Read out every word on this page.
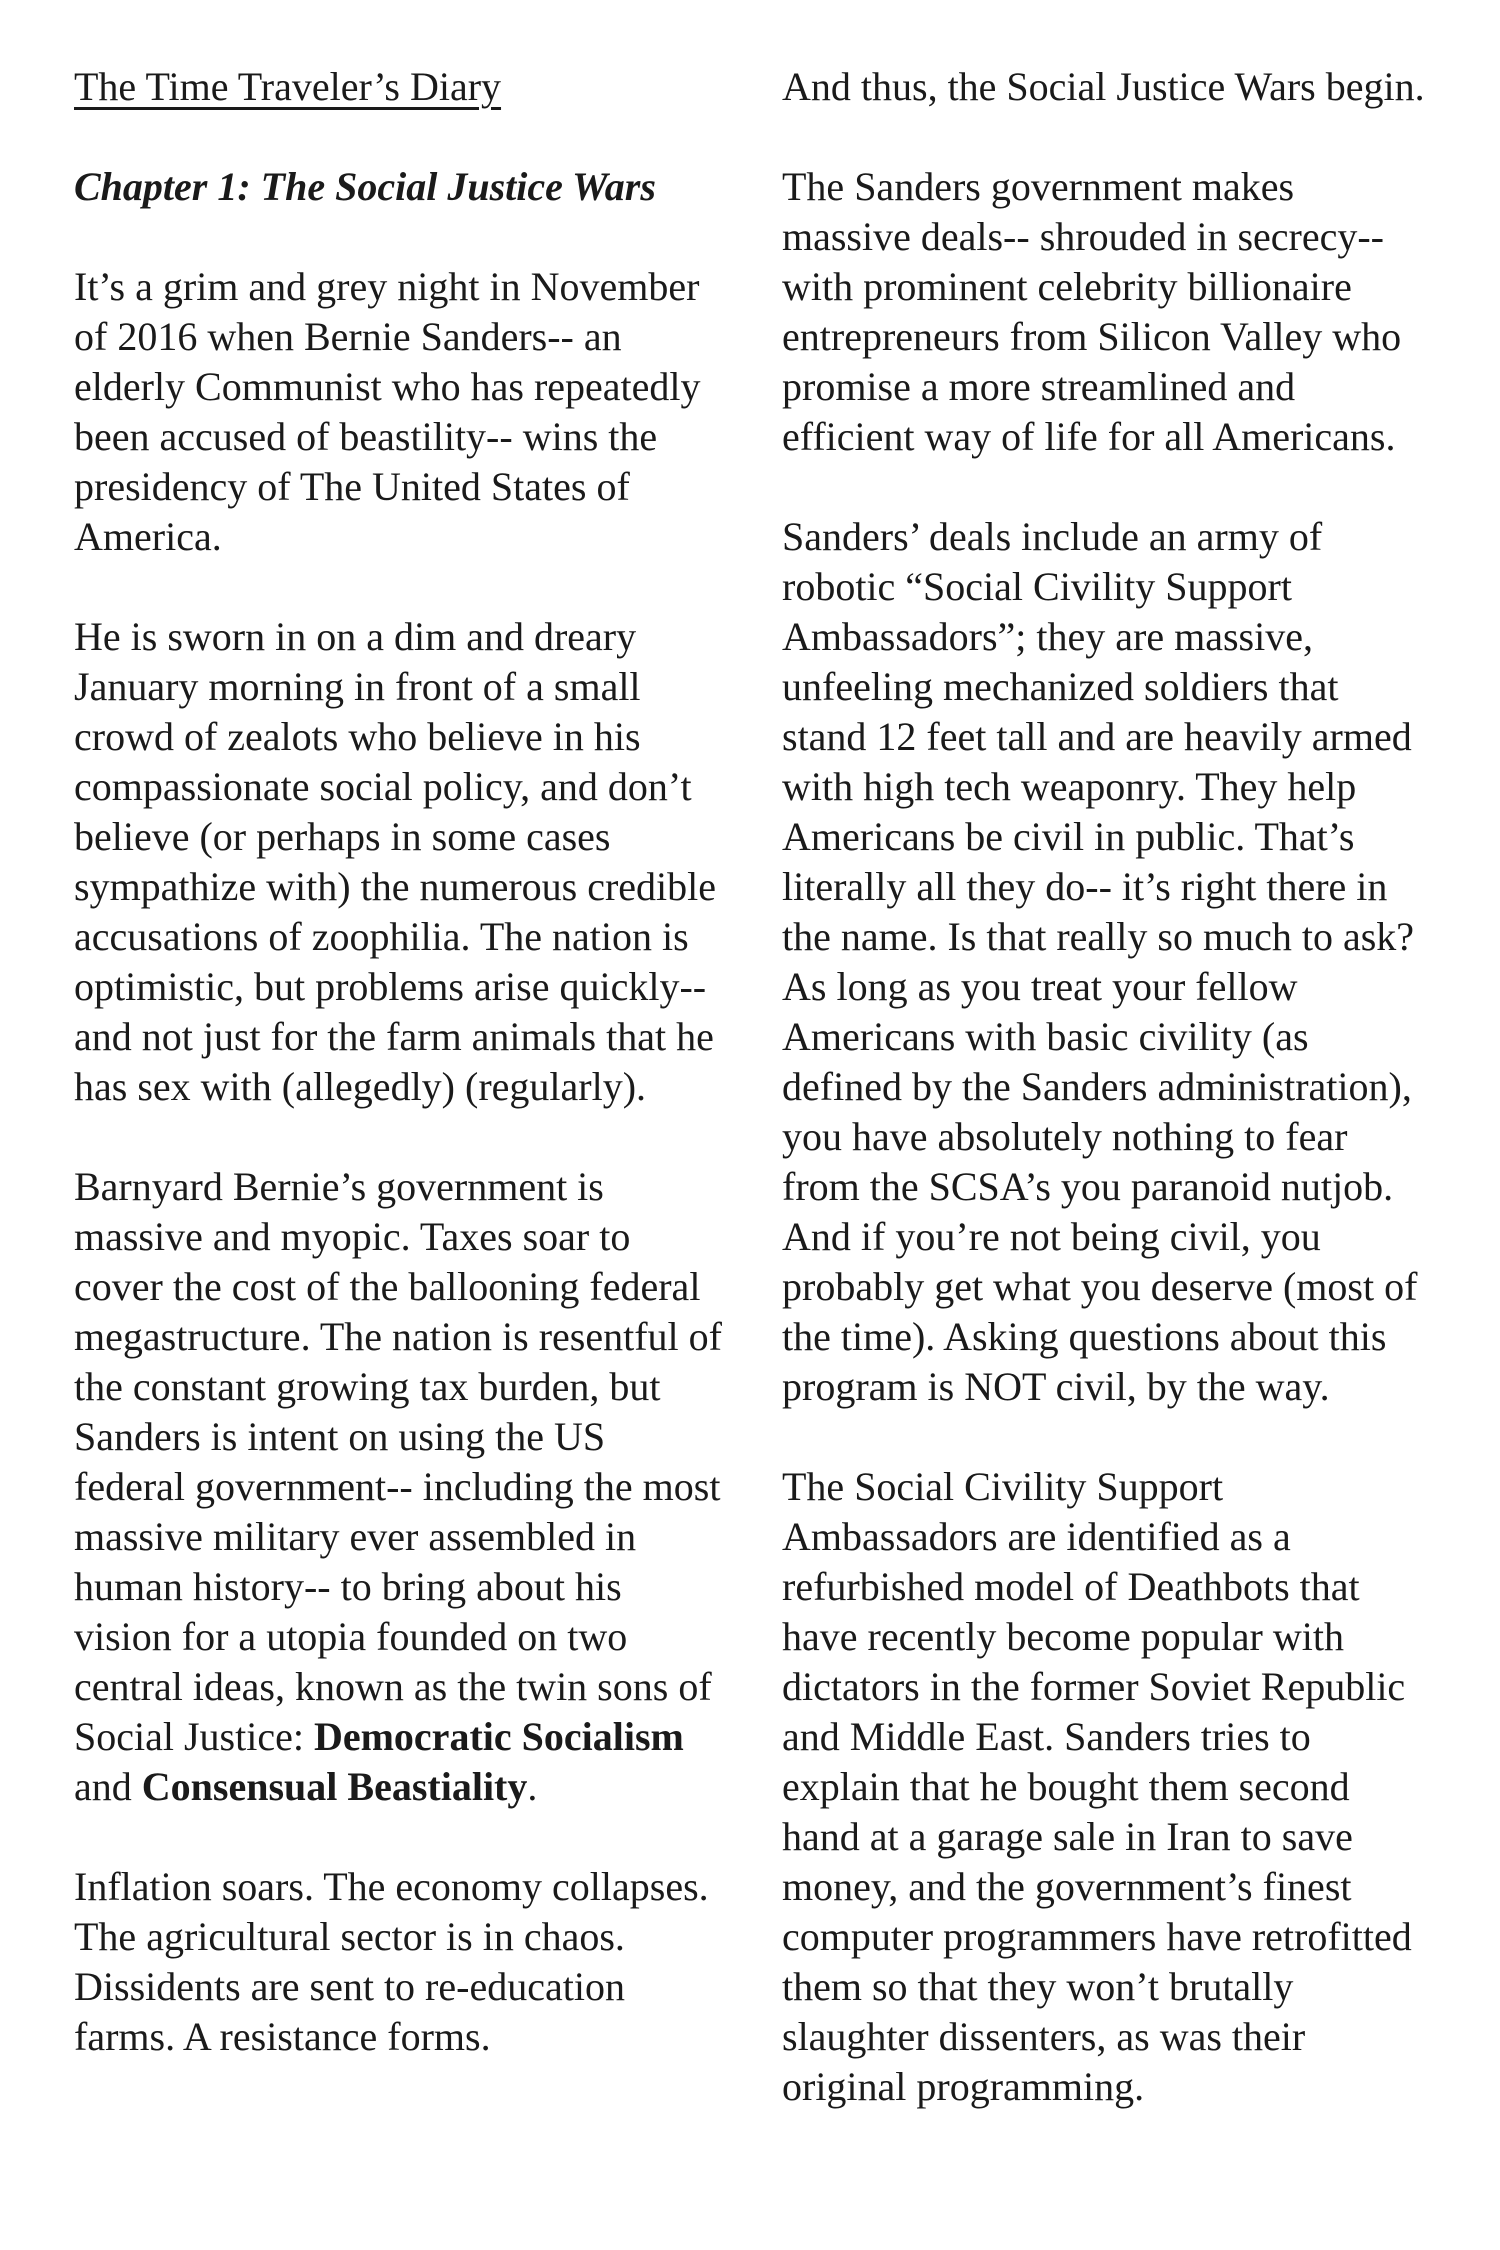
The Time Traveler’s Diary

Chapter 1: The Social Justice Wars

It’s a grim and grey night in November of 2016 when Bernie Sanders-- an elderly Communist who has repeatedly been accused of beastility-- wins the presidency of The United States of America.

He is sworn in on a dim and dreary January morning in front of a small crowd of zealots who believe in his compassionate social policy, and don’t believe (or perhaps in some cases sympathize with) the numerous credible accusations of zoophilia. The nation is optimistic, but problems arise quickly-- and not just for the farm animals that he has sex with (allegedly) (regularly).

Barnyard Bernie’s government is massive and myopic. Taxes soar to cover the cost of the ballooning federal megastructure. The nation is resentful of the constant growing tax burden, but Sanders is intent on using the US federal government-- including the most massive military ever assembled in human history-- to bring about his vision for a utopia founded on two central ideas, known as the twin sons of Social Justice: Democratic Socialism and Consensual Beastiality.

Inflation soars. The economy collapses. The agricultural sector is in chaos. Dissidents are sent to re-education farms. A resistance forms.

And thus, the Social Justice Wars begin.

The Sanders government makes massive deals-- shrouded in secrecy-- with prominent celebrity billionaire entrepreneurs from Silicon Valley who promise a more streamlined and efficient way of life for all Americans.

Sanders’ deals include an army of robotic “Social Civility Support Ambassadors”; they are massive, unfeeling mechanized soldiers that stand 12 feet tall and are heavily armed with high tech weaponry. They help Americans be civil in public. That’s literally all they do-- it’s right there in the name. Is that really so much to ask? As long as you treat your fellow Americans with basic civility (as defined by the Sanders administration), you have absolutely nothing to fear from the SCSA’s you paranoid nutjob. And if you’re not being civil, you probably get what you deserve (most of the time). Asking questions about this program is NOT civil, by the way.

The Social Civility Support Ambassadors are identified as a refurbished model of Deathbots that have recently become popular with dictators in the former Soviet Republic and Middle East. Sanders tries to explain that he bought them second hand at a garage sale in Iran to save money, and the government’s finest computer programmers have retrofitted them so that they won’t brutally slaughter dissenters, as was their original programming.
